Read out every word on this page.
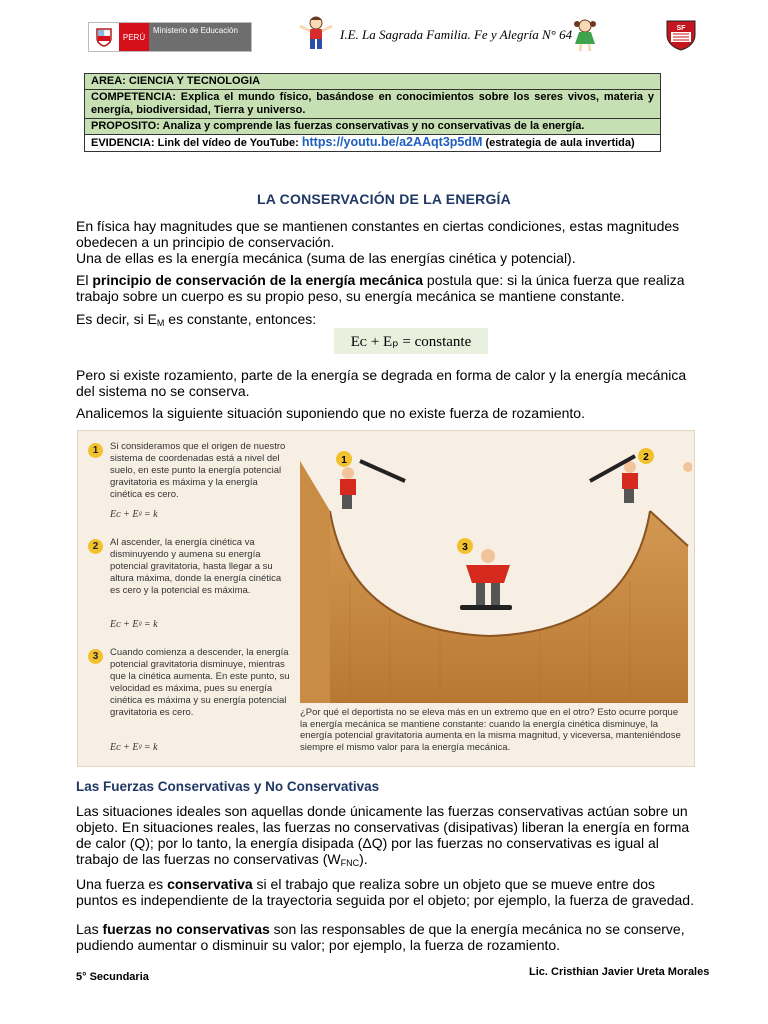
PERÚ
Ministerio de Educación	I.E. La Sagrada Familia. Fe y Alegría N° 64	SF
AREA: CIENCIA Y TECNOLOGIA
COMPETENCIA: Explica el mundo físico, basándose en conocimientos sobre los seres vivos, materia y energía, biodiversidad, Tierra y universo.
PROPOSITO: Analiza y comprende las fuerzas conservativas y no conservativas de la energía.
EVIDENCIA: Link del vídeo de YouTube: https://youtu.be/a2AAqt3p5dM (estrategia de aula invertida)
LA CONSERVACIÓN DE LA ENERGÍA
En física hay magnitudes que se mantienen constantes en ciertas condiciones, estas magnitudes obedecen a un principio de conservación.
Una de ellas es la energía mecánica (suma de las energías cinética y potencial).
El principio de conservación de la energía mecánica postula que: si la única fuerza que realiza trabajo sobre un cuerpo es su propio peso, su energía mecánica se mantiene constante.
Es decir, si $E_M$ es constante, entonces:
Eᴄ + Eₚ = constante
Pero si existe rozamiento, parte de la energía se degrada en forma de calor y la energía mecánica del sistema no se conserva.
Analicemos la siguiente situación suponiendo que no existe fuerza de rozamiento.
1	Si consideramos que el origen de nuestro sistema de coordenadas está a nivel del suelo, en este punto la energía potencial gravitatoria es máxima y la energía cinética es cero.
Eᴄ + Eᵍ = k
2	Al ascender, la energía cinética va disminuyendo y aumena su energía potencial gravitatoria, hasta llegar a su altura máxima, donde la energía cinética es cero y la potencial es máxima.
Eᴄ + Eᵍ = k
3	Cuando comienza a descender, la energía potencial gravitatoria disminuye, mientras que la cinética aumenta. En este punto, su velocidad es máxima, pues su energía cinética es máxima y su energía potencial gravitatoria es cero.
Eᴄ + Eᵍ = k
1	2
3
¿Por qué el deportista no se eleva más en un extremo que en el otro? Esto ocurre porque la energía mecánica se mantiene constante: cuando la energía cinética disminuye, la energía potencial gravitatoria aumenta en la misma magnitud, y viceversa, manteniéndose siempre el mismo valor para la energía mecánica.
Las Fuerzas Conservativas y No Conservativas
Las situaciones ideales son aquellas donde únicamente las fuerzas conservativas actúan sobre un objeto. En situaciones reales, las fuerzas no conservativas (disipativas) liberan la energía en forma de calor (Q); por lo tanto, la energía disipada (ΔQ) por las fuerzas no conservativas es igual al trabajo de las fuerzas no conservativas $(W_{FNC})$.
Una fuerza es conservativa si el trabajo que realiza sobre un objeto que se mueve entre dos puntos es independiente de la trayectoria seguida por el objeto; por ejemplo, la fuerza de gravedad.
Las fuerzas no conservativas son las responsables de que la energía mecánica no se conserve, pudiendo aumentar o disminuir su valor; por ejemplo, la fuerza de rozamiento.
5° Secundaria	Lic. Cristhian Javier Ureta Morales
